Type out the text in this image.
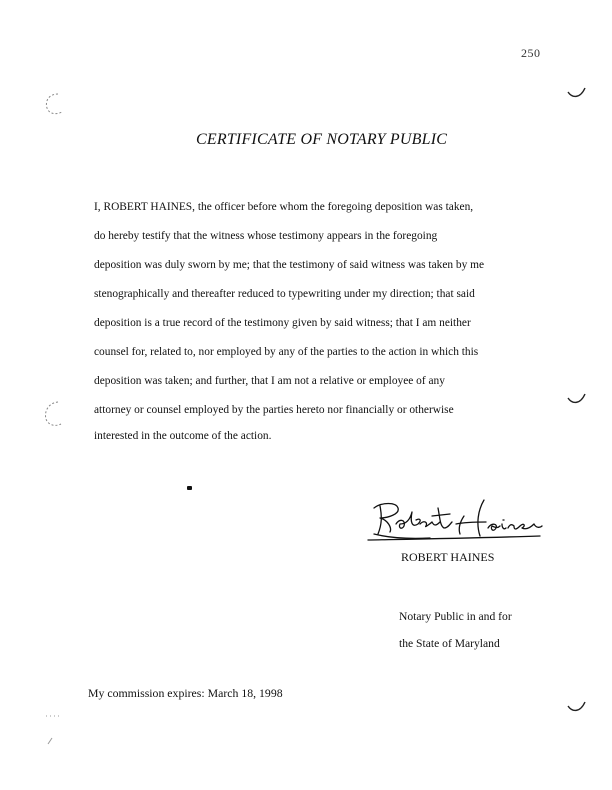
250
CERTIFICATE OF NOTARY PUBLIC
I, ROBERT HAINES, the officer before whom the foregoing deposition was taken,
do hereby testify that the witness whose testimony appears in the foregoing
deposition was duly sworn by me; that the testimony of said witness was taken by me
stenographically and thereafter reduced to typewriting under my direction; that said
deposition is a true record of the testimony given by said witness; that I am neither
counsel for, related to, nor employed by any of the parties to the action in which this
deposition was taken; and further, that I am not a relative or employee of any
attorney or counsel employed by the parties hereto nor financially or otherwise
interested in the outcome of the action.
ROBERT HAINES
Notary Public in and for
the State of Maryland
My commission expires: March 18, 1998
